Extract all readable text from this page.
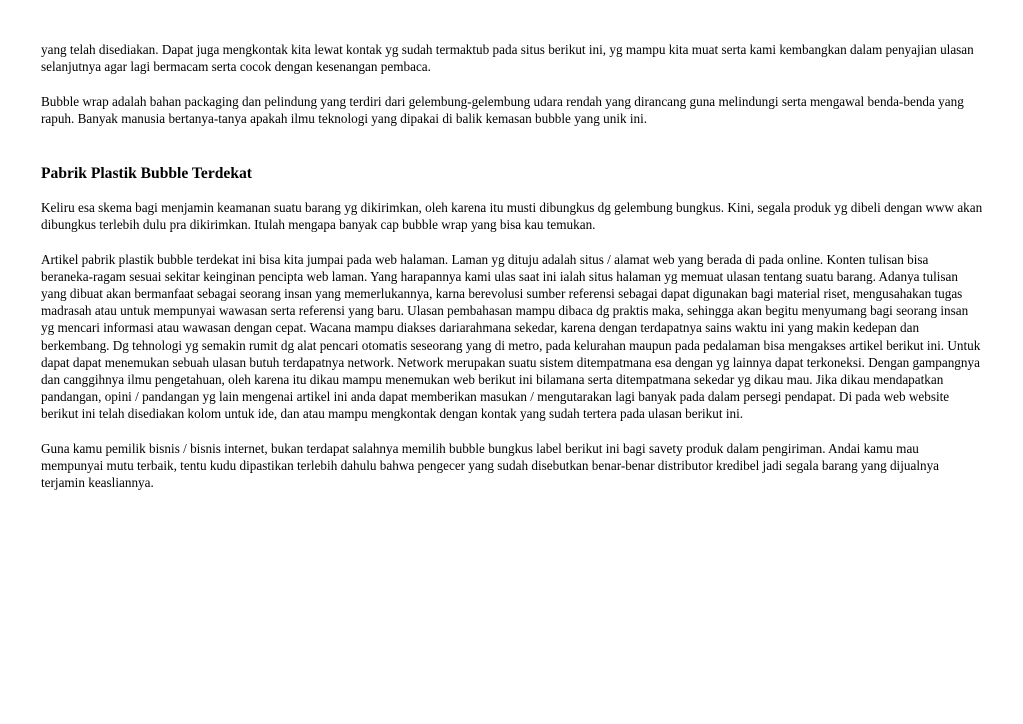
yang telah disediakan. Dapat juga mengkontak kita lewat kontak yg sudah termaktub pada situs berikut ini, yg mampu kita muat serta kami kembangkan dalam penyajian ulasan selanjutnya agar lagi bermacam serta cocok dengan kesenangan pembaca.

Bubble wrap adalah bahan packaging dan pelindung yang terdiri dari gelembung-gelembung udara rendah yang dirancang guna melindungi serta mengawal benda-benda yang rapuh. Banyak manusia bertanya-tanya apakah ilmu teknologi yang dipakai di balik kemasan bubble yang unik ini.

Pabrik Plastik Bubble Terdekat

Keliru esa skema bagi menjamin keamanan suatu barang yg dikirimkan, oleh karena itu musti dibungkus dg gelembung bungkus. Kini, segala produk yg dibeli dengan www akan dibungkus terlebih dulu pra dikirimkan. Itulah mengapa banyak cap bubble wrap yang bisa kau temukan.

Artikel pabrik plastik bubble terdekat ini bisa kita jumpai pada web halaman. Laman yg dituju adalah situs / alamat web yang berada di pada online. Konten tulisan bisa beraneka-ragam sesuai sekitar keinginan pencipta web laman. Yang harapannya kami ulas saat ini ialah situs halaman yg memuat ulasan tentang suatu barang. Adanya tulisan yang dibuat akan bermanfaat sebagai seorang insan yang memerlukannya, karna berevolusi sumber referensi sebagai dapat digunakan bagi material riset, mengusahakan tugas madrasah atau untuk mempunyai wawasan serta referensi yang baru. Ulasan pembahasan mampu dibaca dg praktis maka, sehingga akan begitu menyumang bagi seorang insan yg mencari informasi atau wawasan dengan cepat. Wacana mampu diakses dariarahmana sekedar, karena dengan terdapatnya sains waktu ini yang makin kedepan dan berkembang. Dg tehnologi yg semakin rumit dg alat pencari otomatis seseorang yang di metro, pada kelurahan maupun pada pedalaman bisa mengakses artikel berikut ini. Untuk dapat dapat menemukan sebuah ulasan butuh terdapatnya network. Network merupakan suatu sistem ditempatmana esa dengan yg lainnya dapat terkoneksi. Dengan gampangnya dan canggihnya ilmu pengetahuan, oleh karena itu dikau mampu menemukan web berikut ini bilamana serta ditempatmana sekedar yg dikau mau. Jika dikau mendapatkan pandangan, opini / pandangan yg lain mengenai artikel ini anda dapat memberikan masukan / mengutarakan lagi banyak pada dalam persegi pendapat. Di pada web website berikut ini telah disediakan kolom untuk ide, dan atau mampu mengkontak dengan kontak yang sudah tertera pada ulasan berikut ini.

Guna kamu pemilik bisnis / bisnis internet, bukan terdapat salahnya memilih bubble bungkus label berikut ini bagi savety produk dalam pengiriman. Andai kamu mau mempunyai mutu terbaik, tentu kudu dipastikan terlebih dahulu bahwa pengecer yang sudah disebutkan benar-benar distributor kredibel jadi segala barang yang dijualnya terjamin keasliannya.
